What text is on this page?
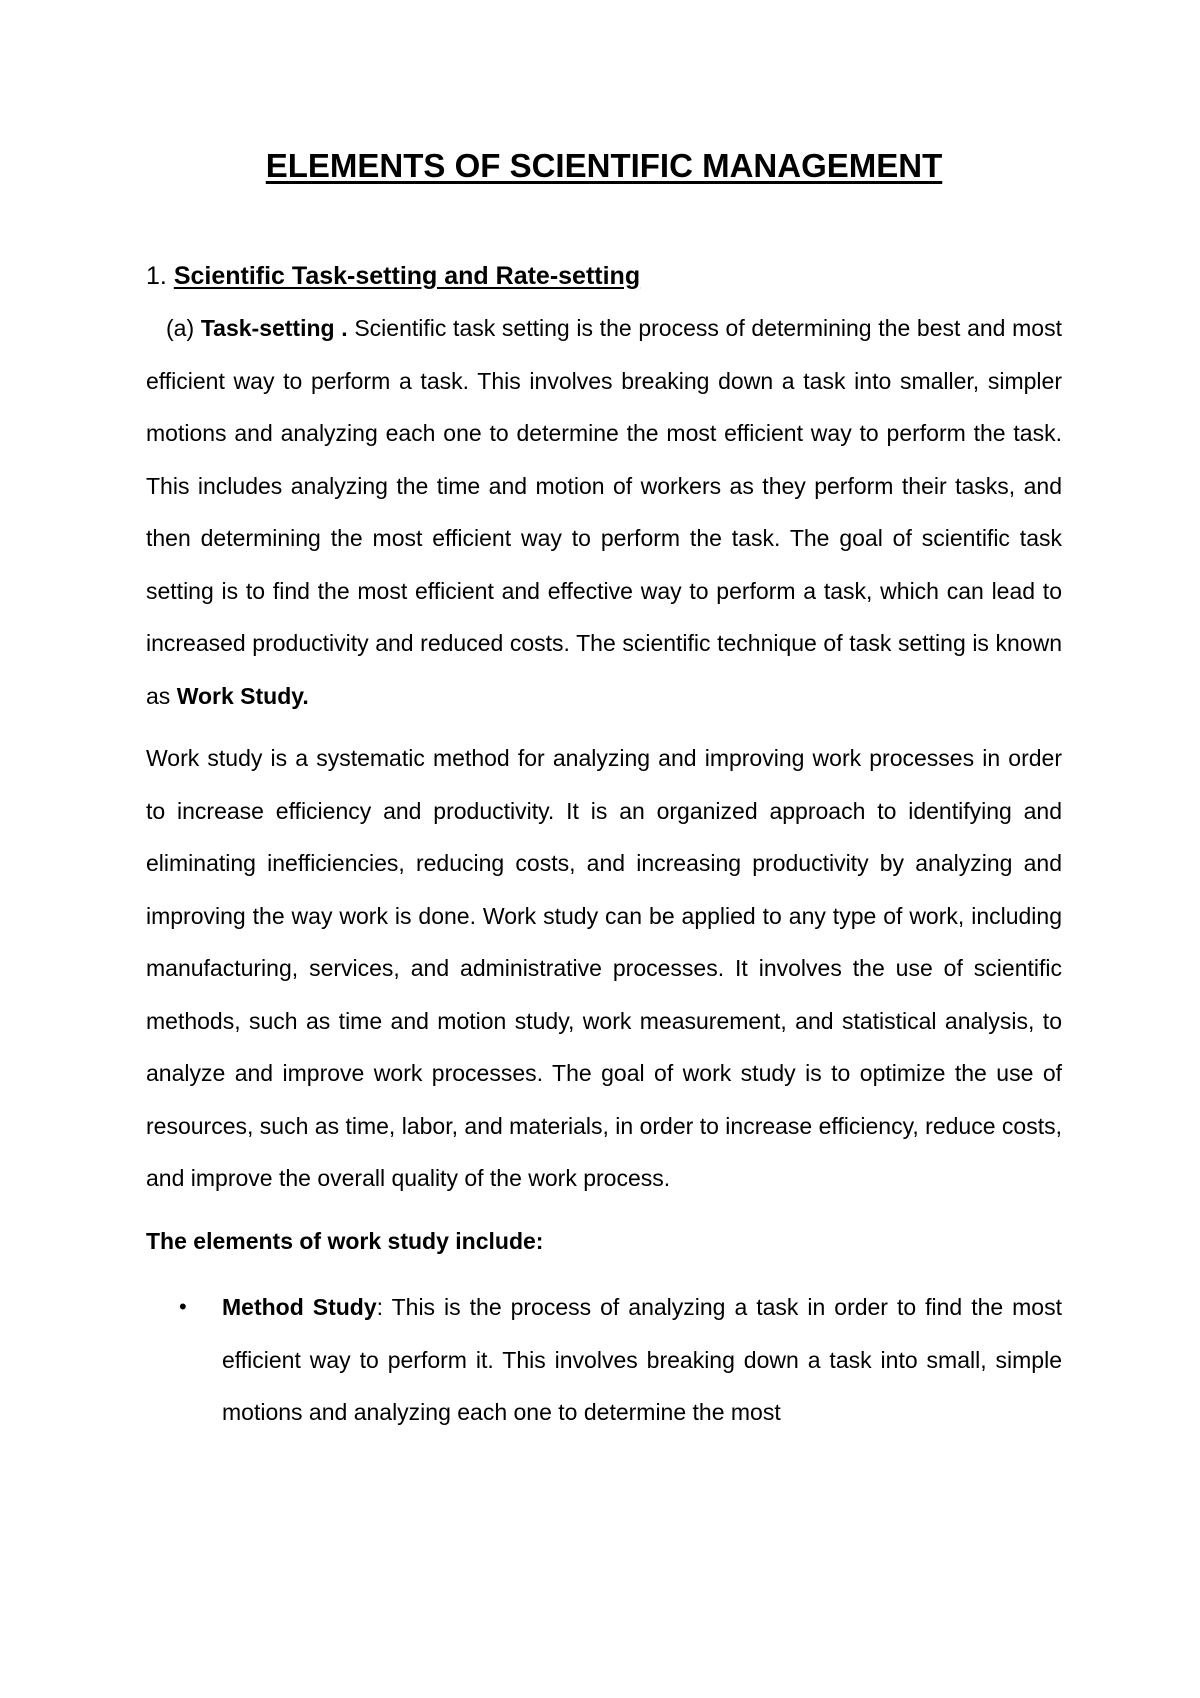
ELEMENTS OF SCIENTIFIC MANAGEMENT
1. Scientific Task-setting and Rate-setting

(a) Task-setting . Scientific task setting is the process of determining the best and most efficient way to perform a task. This involves breaking down a task into smaller, simpler motions and analyzing each one to determine the most efficient way to perform the task. This includes analyzing the time and motion of workers as they perform their tasks, and then determining the most efficient way to perform the task. The goal of scientific task setting is to find the most efficient and effective way to perform a task, which can lead to increased productivity and reduced costs. The scientific technique of task setting is known as Work Study.

Work study is a systematic method for analyzing and improving work processes in order to increase efficiency and productivity. It is an organized approach to identifying and eliminating inefficiencies, reducing costs, and increasing productivity by analyzing and improving the way work is done. Work study can be applied to any type of work, including manufacturing, services, and administrative processes. It involves the use of scientific methods, such as time and motion study, work measurement, and statistical analysis, to analyze and improve work processes. The goal of work study is to optimize the use of resources, such as time, labor, and materials, in order to increase efficiency, reduce costs, and improve the overall quality of the work process.

The elements of work study include:
• Method Study: This is the process of analyzing a task in order to find the most efficient way to perform it. This involves breaking down a task into small, simple motions and analyzing each one to determine the most
